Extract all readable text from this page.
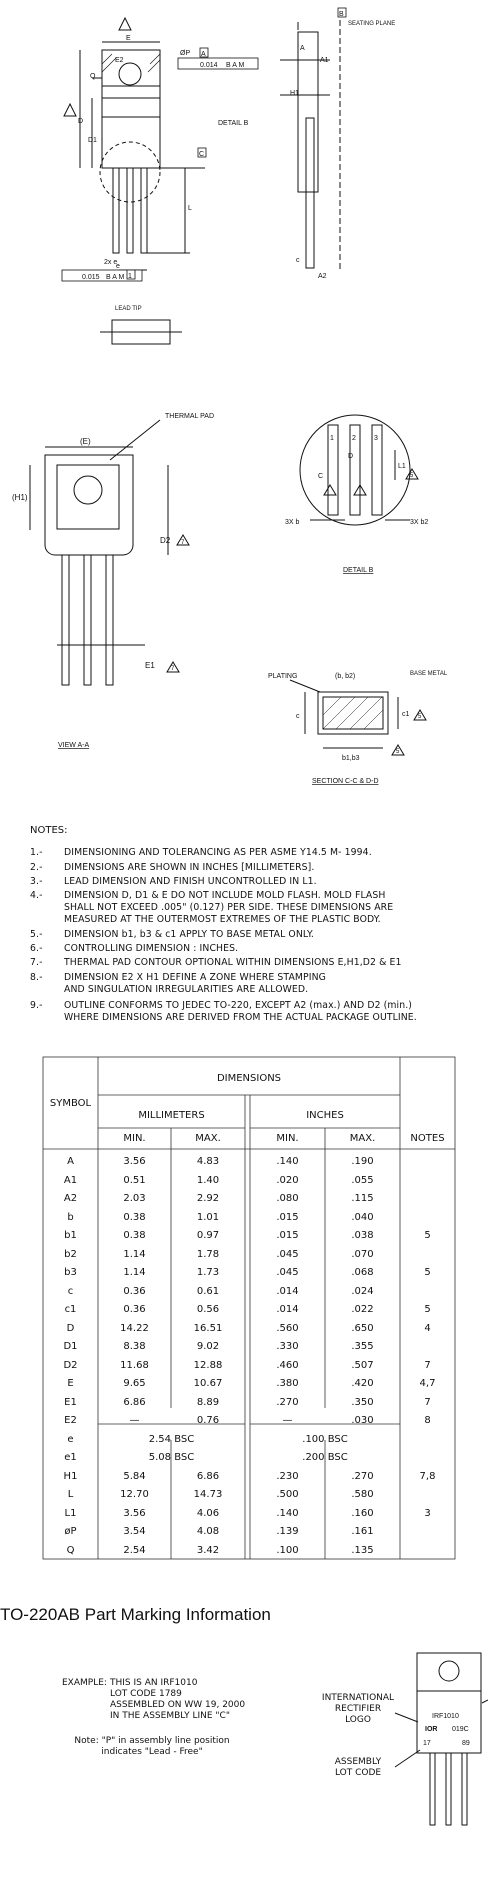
A
A1
A2
E
E2
Q
D
D1
H1
L
c
ØP
e
0.014 B A M
0.015 B A M
A
C
B
2x e
1
SEATING PLANE
DETAIL B
LEAD TIP
(E)
(H1)
THERMAL PAD
D2
E1
7
7
VIEW A-A
1	2	3
L1
5
C
D
3X b	3X b2
DETAIL B
PLATING	(b, b2)	BASE METAL
c	c1 5
b1,b3
5
SECTION C-C & D-D
NOTES:
1.-	DIMENSIONING AND TOLERANCING AS PER ASME Y14.5 M- 1994.
2.-	DIMENSIONS ARE SHOWN IN INCHES [MILLIMETERS].
3.-	LEAD DIMENSION AND FINISH UNCONTROLLED IN L1.
4.-	DIMENSION D, D1 & E DO NOT INCLUDE MOLD FLASH. MOLD FLASH
SHALL NOT EXCEED .005" (0.127) PER SIDE. THESE DIMENSIONS ARE
MEASURED AT THE OUTERMOST EXTREMES OF THE PLASTIC BODY.
5.-	DIMENSION b1, b3 & c1 APPLY TO BASE METAL ONLY.
6.-	CONTROLLING DIMENSION : INCHES.
7.-	THERMAL PAD CONTOUR OPTIONAL WITHIN DIMENSIONS E,H1,D2 & E1
8.-	DIMENSION E2 X H1 DEFINE A ZONE WHERE STAMPING
AND SINGULATION IRREGULARITIES ARE ALLOWED.
9.-	OUTLINE CONFORMS TO JEDEC TO-220, EXCEPT A2 (max.) AND D2 (min.)
WHERE DIMENSIONS ARE DERIVED FROM THE ACTUAL PACKAGE OUTLINE.
SYMBOL
DIMENSIONS
MILLIMETERS	INCHES
MIN.	MAX.	MIN.	MAX.	NOTES
A	3.56	4.83	.140	.190
A1	0.51	1.40	.020	.055
A2	2.03	2.92	.080	.115
b	0.38	1.01	.015	.040
b1	0.38	0.97	.015	.038	5
b2	1.14	1.78	.045	.070
b3	1.14	1.73	.045	.068	5
c	0.36	0.61	.014	.024
c1	0.36	0.56	.014	.022	5
D	14.22	16.51	.560	.650	4
D1	8.38	9.02	.330	.355
D2	11.68	12.88	.460	.507	7
E	9.65	10.67	.380	.420	4,7
E1	6.86	8.89	.270	.350	7
E2	—	0.76	—	.030	8
e	2.54 BSC	.100 BSC
e1	5.08 BSC	.200 BSC
H1	5.84	6.86	.230	.270	7,8
L	12.70	14.73	.500	.580
L1	3.56	4.06	.140	.160	3
øP	3.54	4.08	.139	.161
Q	2.54	3.42	.100	.135
TO-220AB Part Marking Information
EXAMPLE: THIS IS AN IRF1010
LOT CODE 1789
ASSEMBLED ON WW 19, 2000
IN THE ASSEMBLY LINE "C"
Note: "P" in assembly line position
indicates "Lead - Free"
INTERNATIONAL
RECTIFIER
LOGO
ASSEMBLY
LOT CODE
IRF1010
IOR 019C
17	89
